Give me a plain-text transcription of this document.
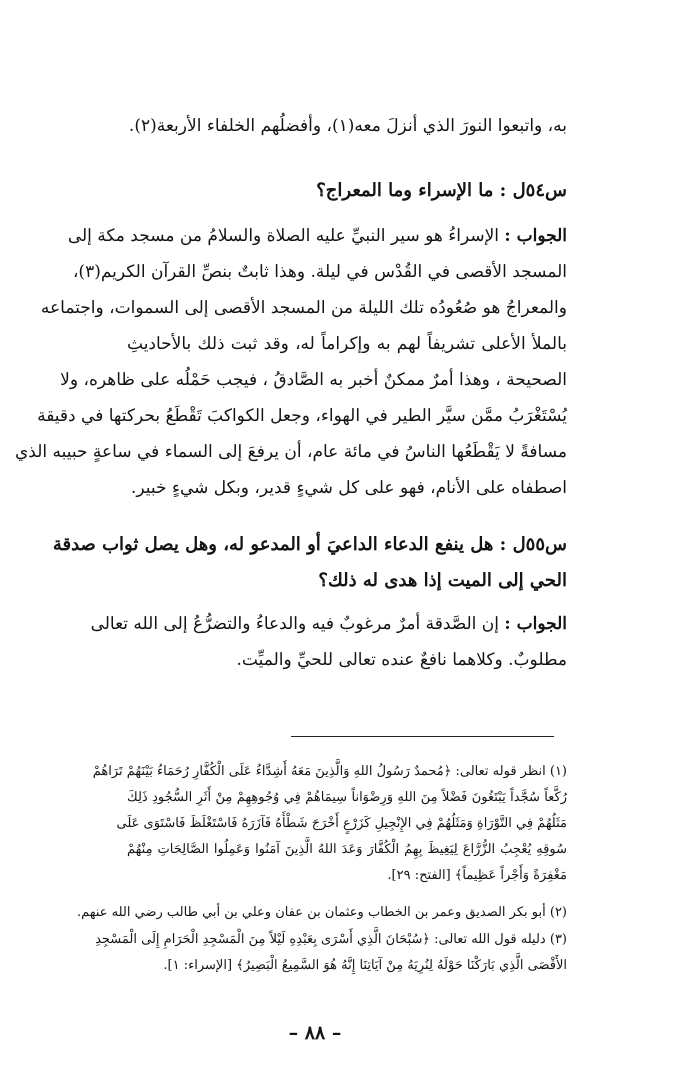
به، واتبعوا النورَ الذي أنزلَ معه(١)، وأفضلُهم الخلفاء الأربعة(٢).

س٥٤ل : ما الإسراء وما المعراج؟

الجواب : الإسراءُ هو سير النبيِّ عليه الصلاة والسلامُ من مسجد مكة إلى

المسجد الأقصى في القُدْس في ليلة. وهذا ثابتٌ بنصِّ القرآن الكريم(٣)،

والمعراجُ هو صُعُودُه تلك الليلة من المسجد الأقصى إلى السموات، واجتماعه

بالملأ الأعلى تشريفاً لهم به وإكراماً له، وقد ثبت ذلك بالأحاديثِ

الصحيحة ، وهذا أمرٌ ممكنٌ أخبر به الصَّادقُ ، فيجب حَمْلُه على ظاهره، ولا

يُسْتَغْرَبُ ممَّن سيَّر الطير في الهواء، وجعل الكواكبَ تَقْطَعُ بحركتها في دقيقة

مسافةً لا يَقْطَعُها الناسُ في مائة عام، أن يرفعَ إلى السماء في ساعةٍ حبيبه الذي

اصطفاه على الأنام، فهو على كل شيءٍ قدير، وبكل شيءٍ خبير.

س٥٥ل : هل ينفع الدعاء الداعيَ أو المدعو له، وهل يصل ثواب صدقة

الحي إلى الميت إذا هدى له ذلك؟

الجواب : إن الصَّدقة أمرٌ مرغوبٌ فيه والدعاءُ والتضرُّعُ إلى الله تعالى

مطلوبٌ. وكلاهما نافعٌ عنده تعالى للحيِّ والميِّت.

(١) انظر قوله تعالى: ﴿مُحمدٌ رَسُولُ اللهِ وَالَّذِينَ مَعَهُ أَشِدَّاءُ عَلَى الْكُفَّارِ رُحَمَاءُ بَيْنَهُمْ تَرَاهُمْ

رُكَّعاً سُجَّداً يَبْتَغُونَ فَضْلاً مِنَ اللهِ وَرِضْوَاناً سِيمَاهُمْ فِي وُجُوهِهِمْ مِنْ أَثَرِ السُّجُودِ ذَلِكَ

مَثَلُهُمْ فِي التَّوْرَاةِ وَمَثَلُهُمْ فِي الإِنْجِيلِ كَزَرْعٍ أَخْرَجَ شَطْأَهُ فَآزَرَهُ فَاسْتَغْلَظَ فَاسْتَوَى عَلَى

سُوقِهِ يُعْجِبُ الزُّرَّاعَ لِيَغِيظَ بِهِمُ الْكُفَّارَ وَعَدَ اللهُ الَّذِينَ آمَنُوا وَعَمِلُوا الصَّالِحَاتِ مِنْهُمْ

مَغْفِرَةً وَأَجْراً عَظِيماً﴾ [الفتح: ٢٩].

(٢) أبو بكر الصديق وعمر بن الخطاب وعثمان بن عفان وعلي بن أبي طالب رضي الله عنهم.

(٣) دليله قول الله تعالى: ﴿سُبْحَانَ الَّذِي أَسْرَى بِعَبْدِهِ لَيْلاً مِنَ الْمَسْجِدِ الْحَرَامِ إِلَى الْمَسْجِدِ

الأَقْصَى الَّذِي بَارَكْنَا حَوْلَهُ لِنُرِيَهُ مِنْ آيَاتِنَا إِنَّهُ هُوَ السَّمِيعُ الْبَصِيرُ﴾ [الإسراء: ١].

– ٨٨ –
